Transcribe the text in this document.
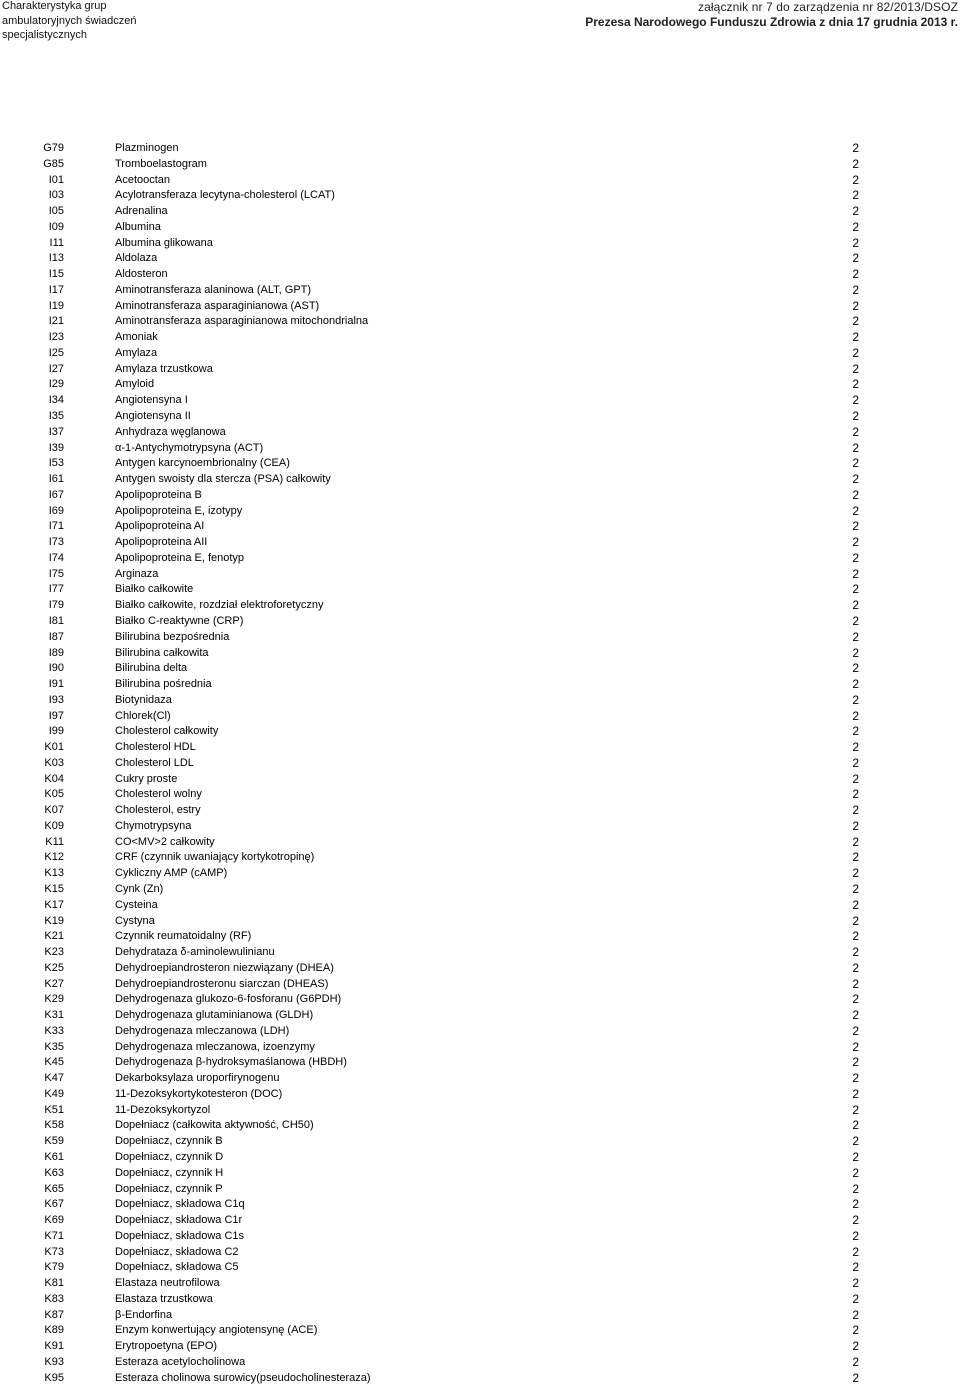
Charakterystyka grup
ambulatoryjnych świadczeń
specjalistycznych
załącznik nr 7 do zarządzenia nr 82/2013/DSOZ
Prezesa Narodowego Funduszu Zdrowia z dnia 17 grudnia 2013 r.
G79	Plazminogen	2
G85	Tromboelastogram	2
I01	Acetooctan	2
I03	Acylotransferaza lecytyna-cholesterol (LCAT)	2
I05	Adrenalina	2
I09	Albumina	2
I11	Albumina glikowana	2
I13	Aldolaza	2
I15	Aldosteron	2
I17	Aminotransferaza alaninowa (ALT, GPT)	2
I19	Aminotransferaza asparaginianowa (AST)	2
I21	Aminotransferaza asparaginianowa mitochondrialna	2
I23	Amoniak	2
I25	Amylaza	2
I27	Amylaza trzustkowa	2
I29	Amyloid	2
I34	Angiotensyna I	2
I35	Angiotensyna II	2
I37	Anhydraza węglanowa	2
I39	α-1-Antychymotrypsyna (ACT)	2
I53	Antygen karcynoembrionalny (CEA)	2
I61	Antygen swoisty dla stercza (PSA) całkowity	2
I67	Apolipoproteina B	2
I69	Apolipoproteina E, izotypy	2
I71	Apolipoproteina AI	2
I73	Apolipoproteina AII	2
I74	Apolipoproteina E, fenotyp	2
I75	Arginaza	2
I77	Białko całkowite	2
I79	Białko całkowite, rozdział elektroforetyczny	2
I81	Białko C-reaktywne (CRP)	2
I87	Bilirubina bezpośrednia	2
I89	Bilirubina całkowita	2
I90	Bilirubina delta	2
I91	Bilirubina pośrednia	2
I93	Biotynidaza	2
I97	Chlorek(Cl)	2
I99	Cholesterol całkowity	2
K01	Cholesterol HDL	2
K03	Cholesterol LDL	2
K04	Cukry proste	2
K05	Cholesterol wolny	2
K07	Cholesterol, estry	2
K09	Chymotrypsyna	2
K11	CO<MV>2 całkowity	2
K12	CRF (czynnik uwaniający kortykotropinę)	2
K13	Cykliczny AMP (cAMP)	2
K15	Cynk (Zn)	2
K17	Cysteina	2
K19	Cystyna	2
K21	Czynnik reumatoidalny (RF)	2
K23	Dehydrataza δ-aminolewulinianu	2
K25	Dehydroepiandrosteron niezwiązany (DHEA)	2
K27	Dehydroepiandrosteronu siarczan (DHEAS)	2
K29	Dehydrogenaza glukozo-6-fosforanu (G6PDH)	2
K31	Dehydrogenaza glutaminianowa (GLDH)	2
K33	Dehydrogenaza mleczanowa (LDH)	2
K35	Dehydrogenaza mleczanowa, izoenzymy	2
K45	Dehydrogenaza β-hydroksymaślanowa (HBDH)	2
K47	Dekarboksylaza uroporfirynogenu	2
K49	11-Dezoksykortykotesteron (DOC)	2
K51	11-Dezoksykortyzol	2
K58	Dopełniacz (całkowita aktywność, CH50)	2
K59	Dopełniacz, czynnik B	2
K61	Dopełniacz, czynnik D	2
K63	Dopełniacz, czynnik H	2
K65	Dopełniacz, czynnik P	2
K67	Dopełniacz, składowa C1q	2
K69	Dopełniacz, składowa C1r	2
K71	Dopełniacz, składowa C1s	2
K73	Dopełniacz, składowa C2	2
K79	Dopełniacz, składowa C5	2
K81	Elastaza neutrofilowa	2
K83	Elastaza trzustkowa	2
K87	β-Endorfina	2
K89	Enzym konwertujący angiotensynę (ACE)	2
K91	Erytropoetyna (EPO)	2
K93	Esteraza acetylocholinowa	2
K95	Esteraza cholinowa surowicy(pseudocholinesteraza)	2
